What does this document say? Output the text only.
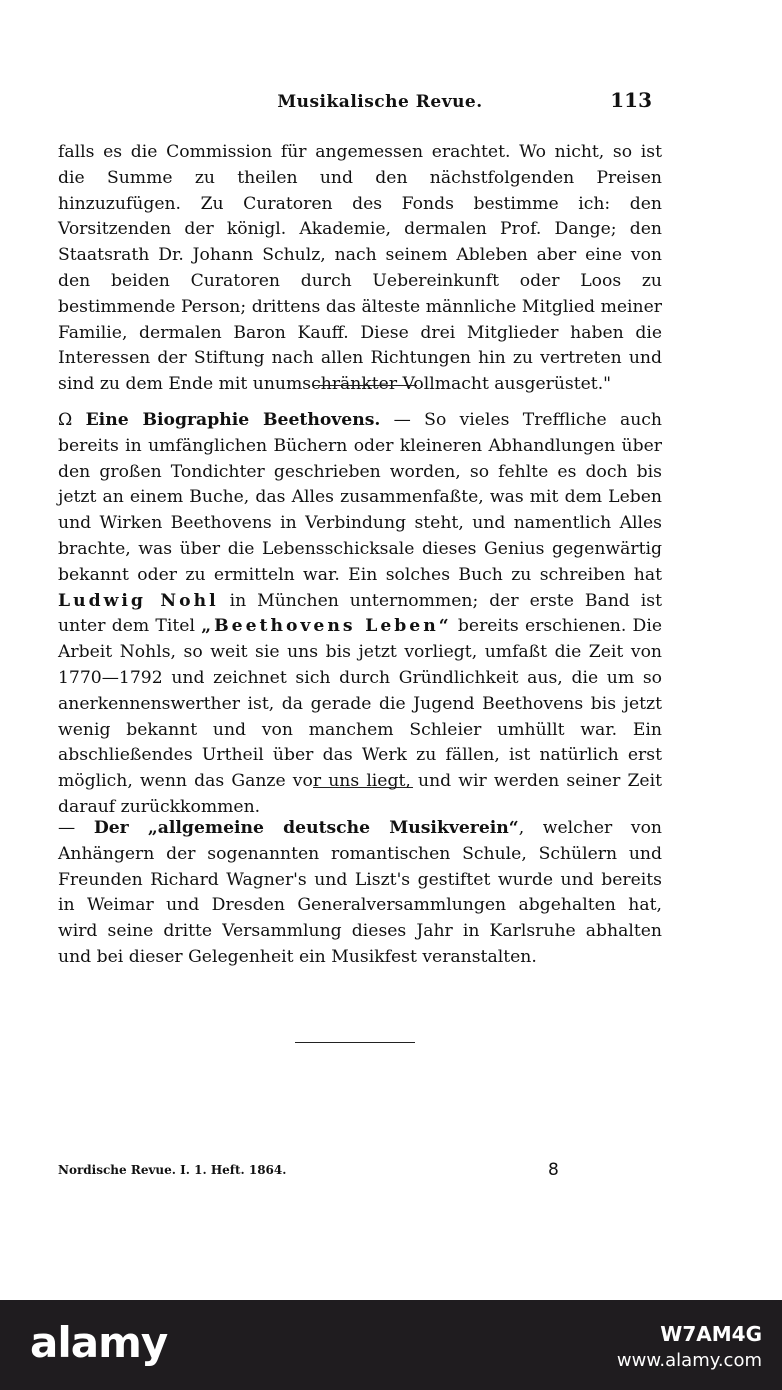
Musikalische Revue.	113

falls es die Commission für angemessen erachtet. Wo nicht, so ist die Summe zu theilen und den nächstfolgenden Preisen hinzuzufügen. Zu Curatoren des Fonds bestimme ich: den Vorsitzenden der königl. Akademie, dermalen Prof. Dange; den Staatsrath Dr. Johann Schulz, nach seinem Ableben aber eine von den beiden Curatoren durch Uebereinkunft oder Loos zu bestimmende Person; drittens das älteste männliche Mitglied meiner Familie, dermalen Baron Kauff. Diese drei Mitglieder haben die Interessen der Stiftung nach allen Richtungen hin zu vertreten und sind zu dem Ende mit unumschränkter Vollmacht ausgerüstet."

Ω Eine Biographie Beethovens. — So vieles Treffliche auch bereits in umfänglichen Büchern oder kleineren Abhandlungen über den großen Tondichter geschrieben worden, so fehlte es doch bis jetzt an einem Buche, das Alles zusammenfaßte, was mit dem Leben und Wirken Beethovens in Verbindung steht, und namentlich Alles brachte, was über die Lebensschicksale dieses Genius gegenwärtig bekannt oder zu ermitteln war. Ein solches Buch zu schreiben hat Ludwig Nohl in München unternommen; der erste Band ist unter dem Titel „Beethovens Leben“ bereits erschienen. Die Arbeit Nohls, so weit sie uns bis jetzt vorliegt, umfaßt die Zeit von 1770—1792 und zeichnet sich durch Gründlichkeit aus, die um so anerkennenswerther ist, da gerade die Jugend Beethovens bis jetzt wenig bekannt und von manchem Schleier umhüllt war. Ein abschließendes Urtheil über das Werk zu fällen, ist natürlich erst möglich, wenn das Ganze vor uns liegt, und wir werden seiner Zeit darauf zurückkommen.

— Der „allgemeine deutsche Musikverein“, welcher von Anhängern der sogenannten romantischen Schule, Schülern und Freunden Richard Wagner's und Liszt's gestiftet wurde und bereits in Weimar und Dresden Generalversammlungen abgehalten hat, wird seine dritte Versammlung dieses Jahr in Karlsruhe abhalten und bei dieser Gelegenheit ein Musikfest veranstalten.

Nordische Revue. I. 1. Heft. 1864.	8
alamy	W7AM4G
www.alamy.com
